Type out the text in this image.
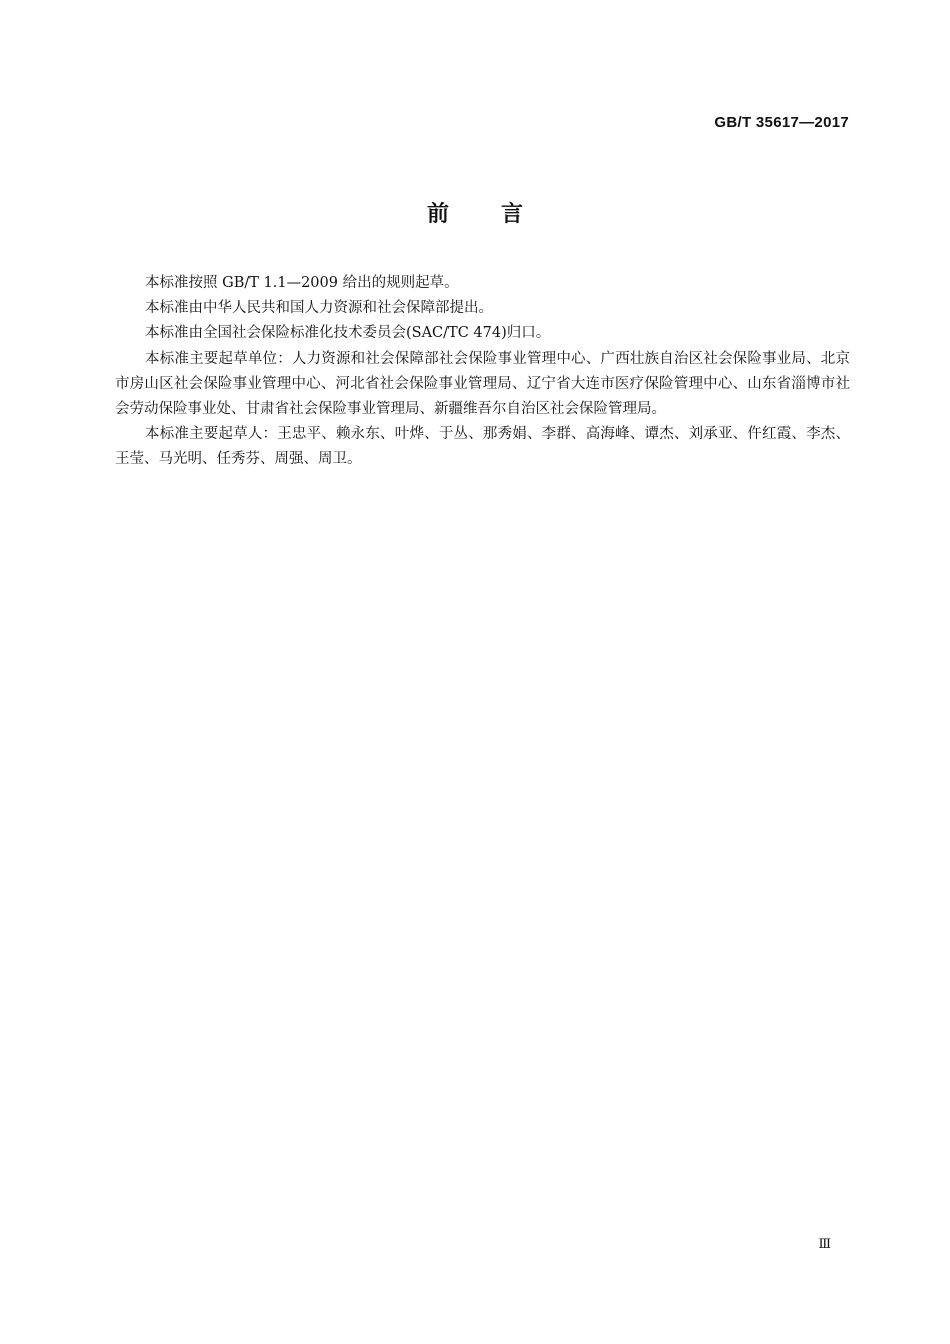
GB/T 35617—2017
前 言

本标准按照 GB/T 1.1—2009 给出的规则起草。

本标准由中华人民共和国人力资源和社会保障部提出。

本标准由全国社会保险标准化技术委员会(SAC/TC 474)归口。

本标准主要起草单位：人力资源和社会保障部社会保险事业管理中心、广西壮族自治区社会保险事业局、北京市房山区社会保险事业管理中心、河北省社会保险事业管理局、辽宁省大连市医疗保险管理中心、山东省淄博市社会劳动保险事业处、甘肃省社会保险事业管理局、新疆维吾尔自治区社会保险管理局。

本标准主要起草人：王忠平、赖永东、叶烨、于丛、那秀娟、李群、高海峰、谭杰、刘承亚、仵红霞、李杰、王莹、马光明、任秀芬、周强、周卫。

Ⅲ
